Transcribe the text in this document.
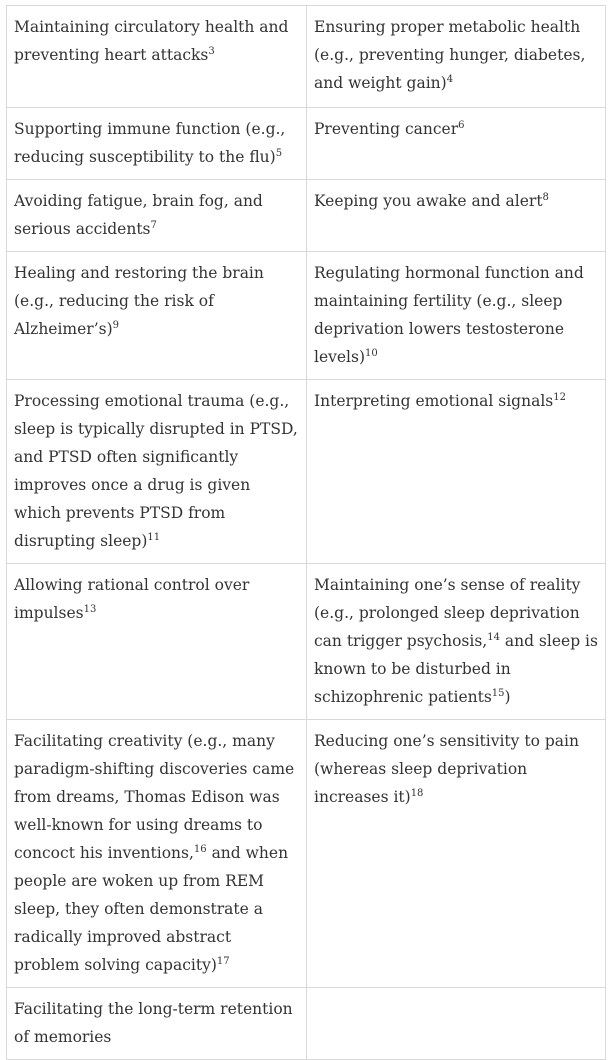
Maintaining circulatory health and preventing heart attacks$^3$	Ensuring proper metabolic health (e.g., preventing hunger, diabetes, and weight gain)$^4$
Supporting immune function (e.g., reducing susceptibility to the flu)$^5$	Preventing cancer$^6$
Avoiding fatigue, brain fog, and serious accidents$^7$	Keeping you awake and alert$^8$
Healing and restoring the brain (e.g., reducing the risk of Alzheimer’s)$^9$	Regulating hormonal function and maintaining fertility (e.g., sleep deprivation lowers testosterone levels)$^{10}$
Processing emotional trauma (e.g., sleep is typically disrupted in PTSD, and PTSD often significantly improves once a drug is given which prevents PTSD from disrupting sleep)$^{11}$	Interpreting emotional signals$^{12}$
Allowing rational control over impulses$^{13}$	Maintaining one’s sense of reality (e.g., prolonged sleep deprivation can trigger psychosis,$^{14}$ and sleep is known to be disturbed in schizophrenic patients$^{15}$)
Facilitating creativity (e.g., many paradigm-shifting discoveries came from dreams, Thomas Edison was well-known for using dreams to concoct his inventions,$^{16}$ and when people are woken up from REM sleep, they often demonstrate a radically improved abstract problem solving capacity)$^{17}$	Reducing one’s sensitivity to pain (whereas sleep deprivation increases it)$^{18}$
Facilitating the long-term retention of memories	
